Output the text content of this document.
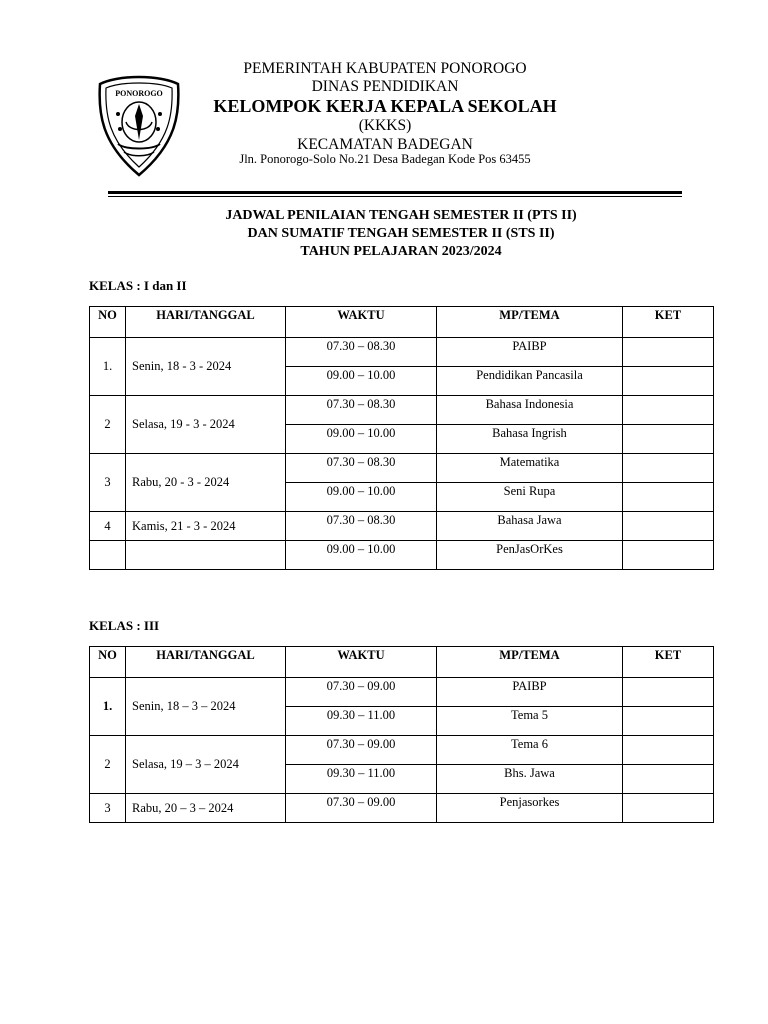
PONOROGO
PEMERINTAH KABUPATEN PONOROGO
DINAS PENDIDIKAN
KELOMPOK KERJA KEPALA SEKOLAH
(KKKS)
KECAMATAN BADEGAN
Jln. Ponorogo-Solo No.21 Desa Badegan Kode Pos 63455
JADWAL PENILAIAN TENGAH SEMESTER II (PTS II)
DAN SUMATIF TENGAH SEMESTER II (STS II)
TAHUN PELAJARAN 2023/2024
KELAS : I dan II
NO	HARI/TANGGAL	WAKTU	MP/TEMA	KET
1.	Senin, 18 - 3 - 2024	07.30 – 08.30	PAIBP	
		09.00 – 10.00	Pendidikan Pancasila	
2	Selasa, 19 - 3 - 2024	07.30 – 08.30	Bahasa Indonesia	
		09.00 – 10.00	Bahasa Ingrish	
3	Rabu, 20 - 3 - 2024	07.30 – 08.30	Matematika	
		09.00 – 10.00	Seni Rupa	
4	Kamis, 21 - 3 - 2024	07.30 – 08.30	Bahasa Jawa	
		09.00 – 10.00	PenJasOrKes	
KELAS : III
NO	HARI/TANGGAL	WAKTU	MP/TEMA	KET
1.	Senin, 18 – 3 – 2024	07.30 – 09.00	PAIBP	
		09.30 – 11.00	Tema 5	
2	Selasa, 19 – 3 – 2024	07.30 – 09.00	Tema 6	
		09.30 – 11.00	Bhs. Jawa	
3	Rabu, 20 – 3 – 2024	07.30 – 09.00	Penjasorkes	
